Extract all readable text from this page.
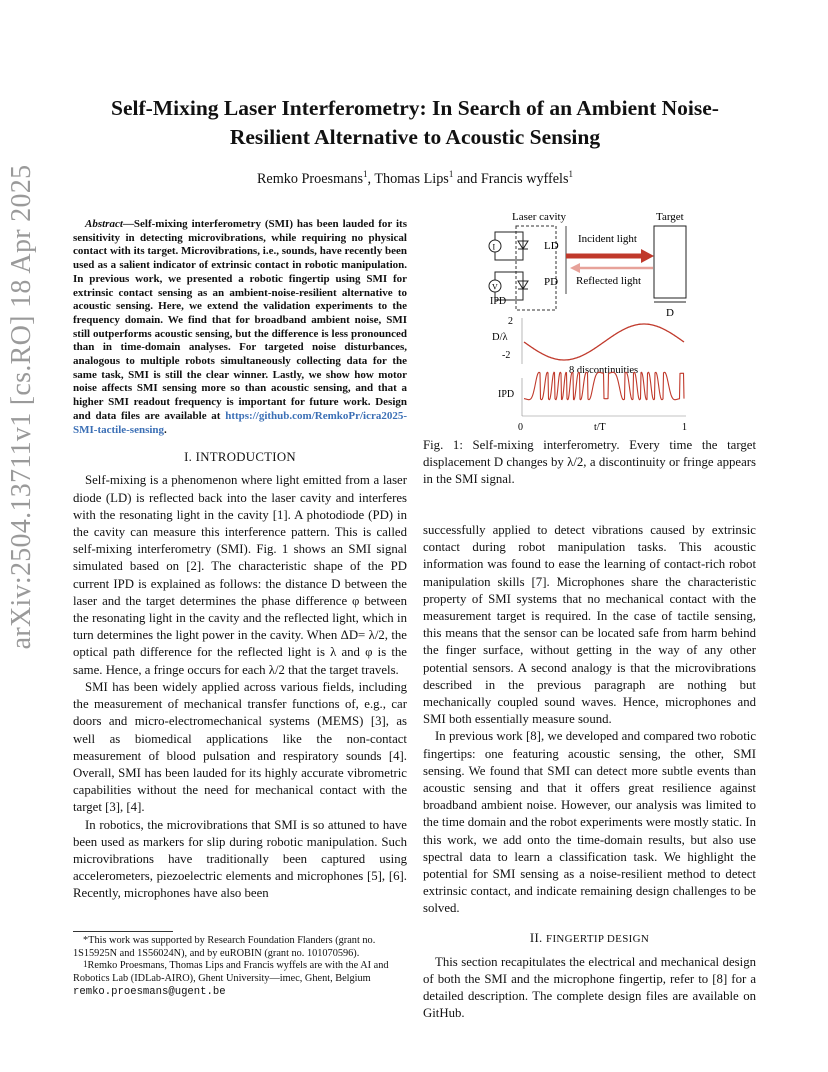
arXiv:2504.13711v1 [cs.RO] 18 Apr 2025
Self-Mixing Laser Interferometry: In Search of an Ambient Noise-Resilient Alternative to Acoustic Sensing
Remko Proesmans$^1$, Thomas Lips$^1$ and Francis wyffels$^1$

Abstract—Self-mixing interferometry (SMI) has been lauded for its sensitivity in detecting microvibrations, while requiring no physical contact with its target. Microvibrations, i.e., sounds, have recently been used as a salient indicator of extrinsic contact in robotic manipulation. In previous work, we presented a robotic fingertip using SMI for extrinsic contact sensing as an ambient-noise-resilient alternative to acoustic sensing. Here, we extend the validation experiments to the frequency domain. We find that for broadband ambient noise, SMI still outperforms acoustic sensing, but the difference is less pronounced than in time-domain analyses. For targeted noise disturbances, analogous to multiple robots simultaneously collecting data for the same task, SMI is still the clear winner. Lastly, we show how motor noise affects SMI sensing more so than acoustic sensing, and that a higher SMI readout frequency is important for future work. Design and data files are available at https://github.com/RemkoPr/icra2025-SMI-tactile-sensing.

I. INTRODUCTION

Self-mixing is a phenomenon where light emitted from a laser diode (LD) is reflected back into the laser cavity and interferes with the resonating light in the cavity [1]. A photodiode (PD) in the cavity can measure this interference pattern. This is called self-mixing interferometry (SMI). Fig. 1 shows an SMI signal simulated based on [2]. The characteristic shape of the PD current IPD is explained as follows: the distance D between the laser and the target determines the phase difference φ between the resonating light in the cavity and the reflected light, which in turn determines the light power in the cavity. When ΔD= λ/2, the optical path difference for the reflected light is λ and φ is the same. Hence, a fringe occurs for each λ/2 that the target travels.

SMI has been widely applied across various fields, including the measurement of mechanical transfer functions of, e.g., car doors and micro-electromechanical systems (MEMS) [3], as well as biomedical applications like the non-contact measurement of blood pulsation and respiratory sounds [4]. Overall, SMI has been lauded for its highly accurate vibrometric capabilities without the need for mechanical contact with the target [3], [4].

In robotics, the microvibrations that SMI is so attuned to have been used as markers for slip during robotic manipulation. Such microvibrations have traditionally been captured using accelerometers, piezoelectric elements and microphones [5], [6]. Recently, microphones have also been

*This work was supported by Research Foundation Flanders (grant no. 1S15925N and 1S56024N), and by euROBIN (grant no. 101070596).

$^1$Remko Proesmans, Thomas Lips and Francis wyffels are with the AI and Robotics Lab (IDLab-AIRO), Ghent University—imec, Ghent, Belgium

remko.proesmans@ugent.be
Laser cavity	Target
I
V
LD
PD
Incident light
Reflected light
IPD
D
2
D/λ
-2
8 discontinuities
IPD
0	t/T	1
Fig. 1: Self-mixing interferometry. Every time the target displacement D changes by λ/2, a discontinuity or fringe appears in the SMI signal.

successfully applied to detect vibrations caused by extrinsic contact during robot manipulation tasks. This acoustic information was found to ease the learning of contact-rich robot manipulation skills [7]. Microphones share the characteristic property of SMI systems that no mechanical contact with the measurement target is required. In the case of tactile sensing, this means that the sensor can be located safe from harm behind the finger surface, without getting in the way of any other potential sensors. A second analogy is that the microvibrations described in the previous paragraph are nothing but mechanically coupled sound waves. Hence, microphones and SMI both essentially measure sound.

In previous work [8], we developed and compared two robotic fingertips: one featuring acoustic sensing, the other, SMI sensing. We found that SMI can detect more subtle events than acoustic sensing and that it offers great resilience against broadband ambient noise. However, our analysis was limited to the time domain and the robot experiments were mostly static. In this work, we add onto the time-domain results, but also use spectral data to learn a classification task. We highlight the potential for SMI sensing as a noise-resilient method to detect extrinsic contact, and indicate remaining design challenges to be solved.

II. FINGERTIP DESIGN

This section recapitulates the electrical and mechanical design of both the SMI and the microphone fingertip, refer to [8] for a detailed description. The complete design files are available on GitHub.
